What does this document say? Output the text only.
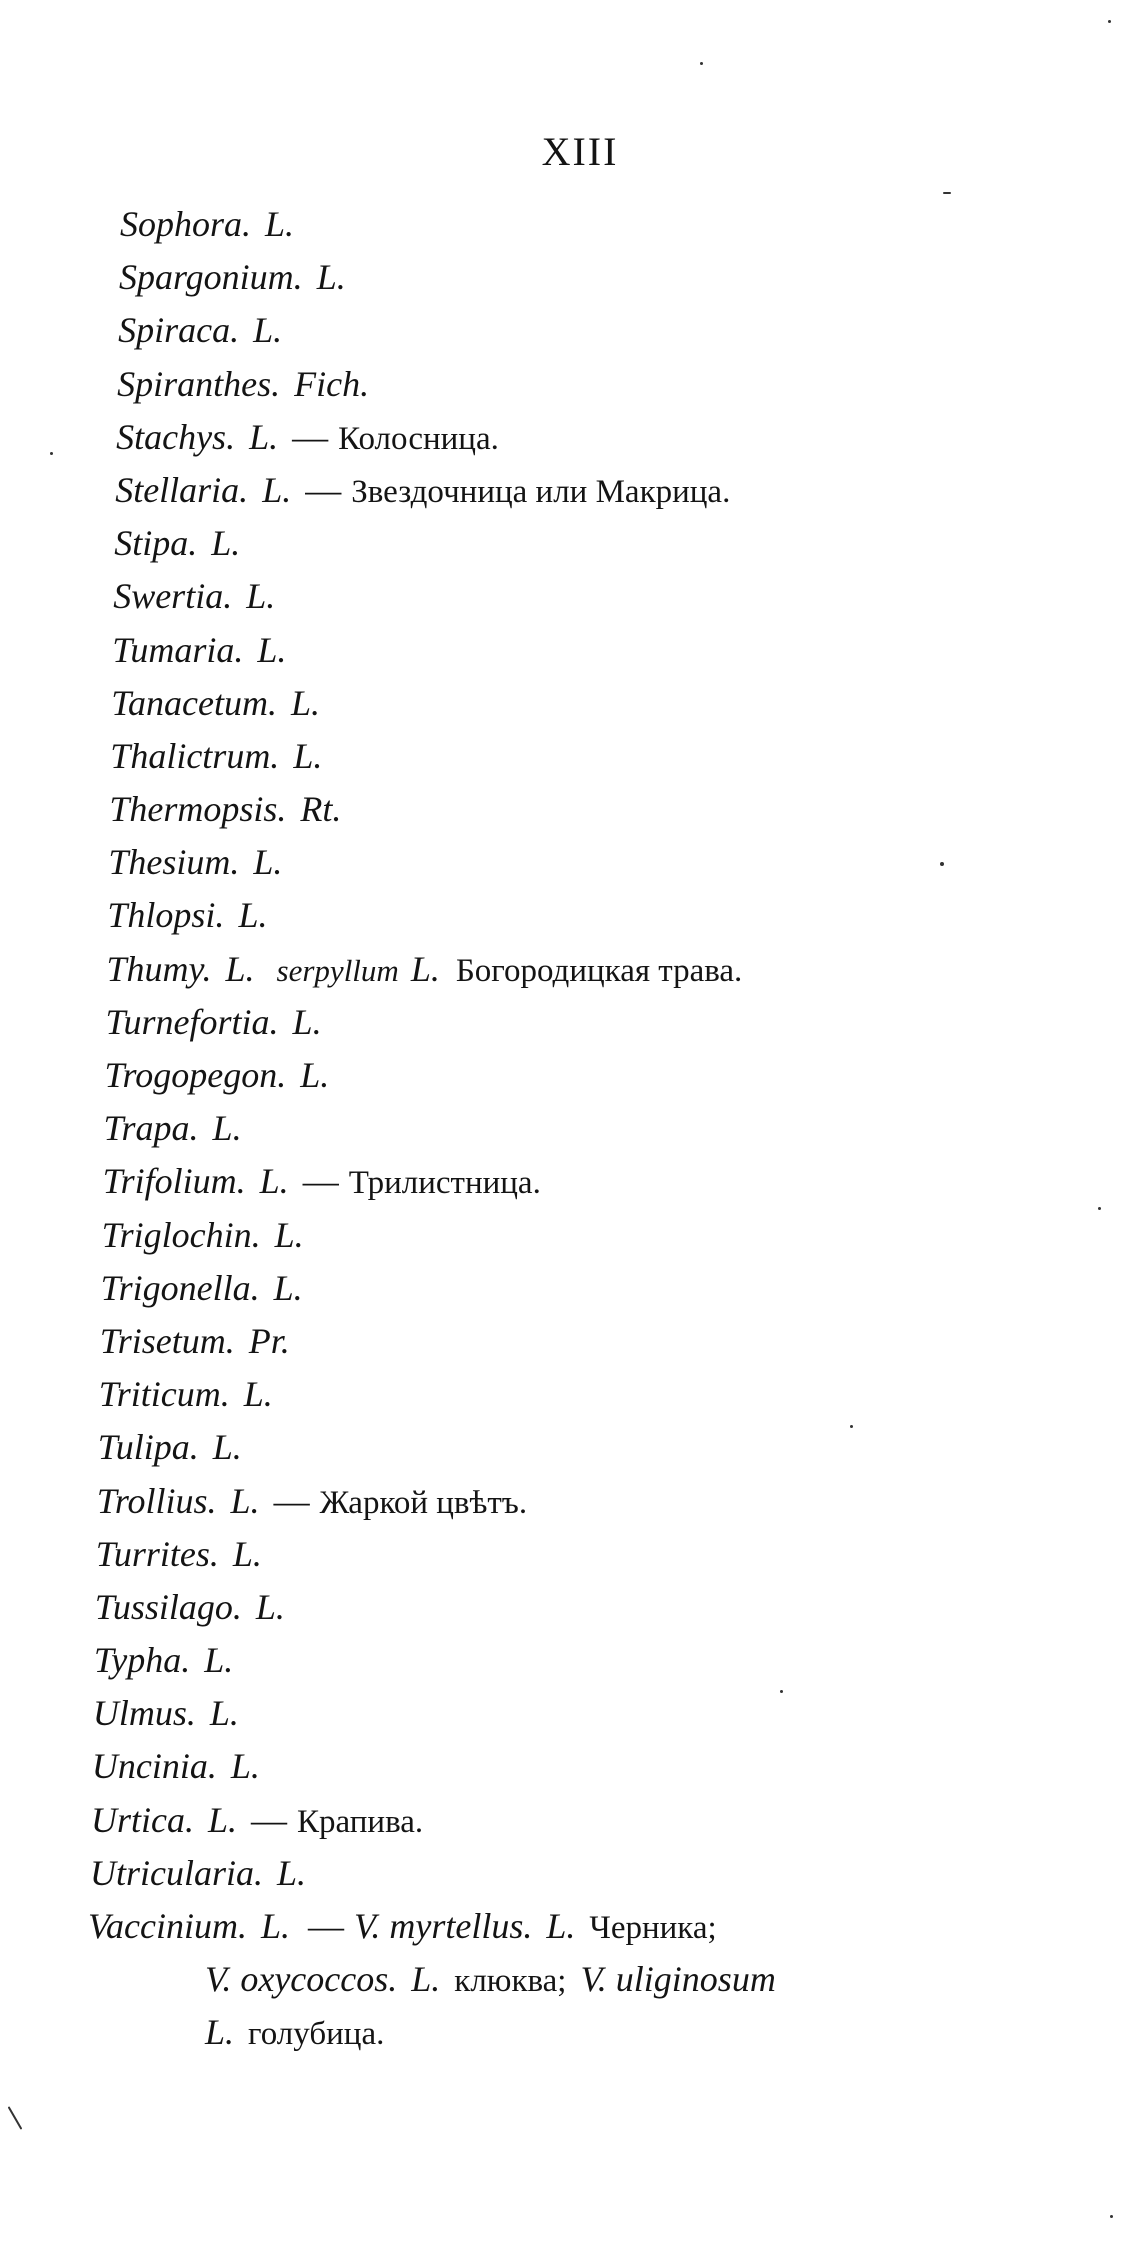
XIII
Sophora. L.
Spargonium. L.
Spiraca. L.
Spiranthes. Fich.
Stachys. L. — Колосница.
Stellaria. L. — Звездочница или Макрица.
Stipa. L.
Swertia. L.
Tumaria. L.
Tanacetum. L.
Thalictrum. L.
Thermopsis. Rt.
Thesium. L.
Thlopsi. L.
Thumy. L. serpyllum L. Богородицкая трава.
Turnefortia. L.
Trogopegon. L.
Trapa. L.
Trifolium. L. — Трилистница.
Triglochin. L.
Trigonella. L.
Trisetum. Pr.
Triticum. L.
Tulipa. L.
Trollius. L. — Жаркой цвѣтъ.
Turrites. L.
Tussilago. L.
Typha. L.
Ulmus. L.
Uncinia. L.
Urtica. L. — Крапива.
Utricularia. L.
Vaccinium. L. — V. myrtellus. L. Черника;
V. oxycoccos. L. клюква; V. uliginosum
L. голубица.
